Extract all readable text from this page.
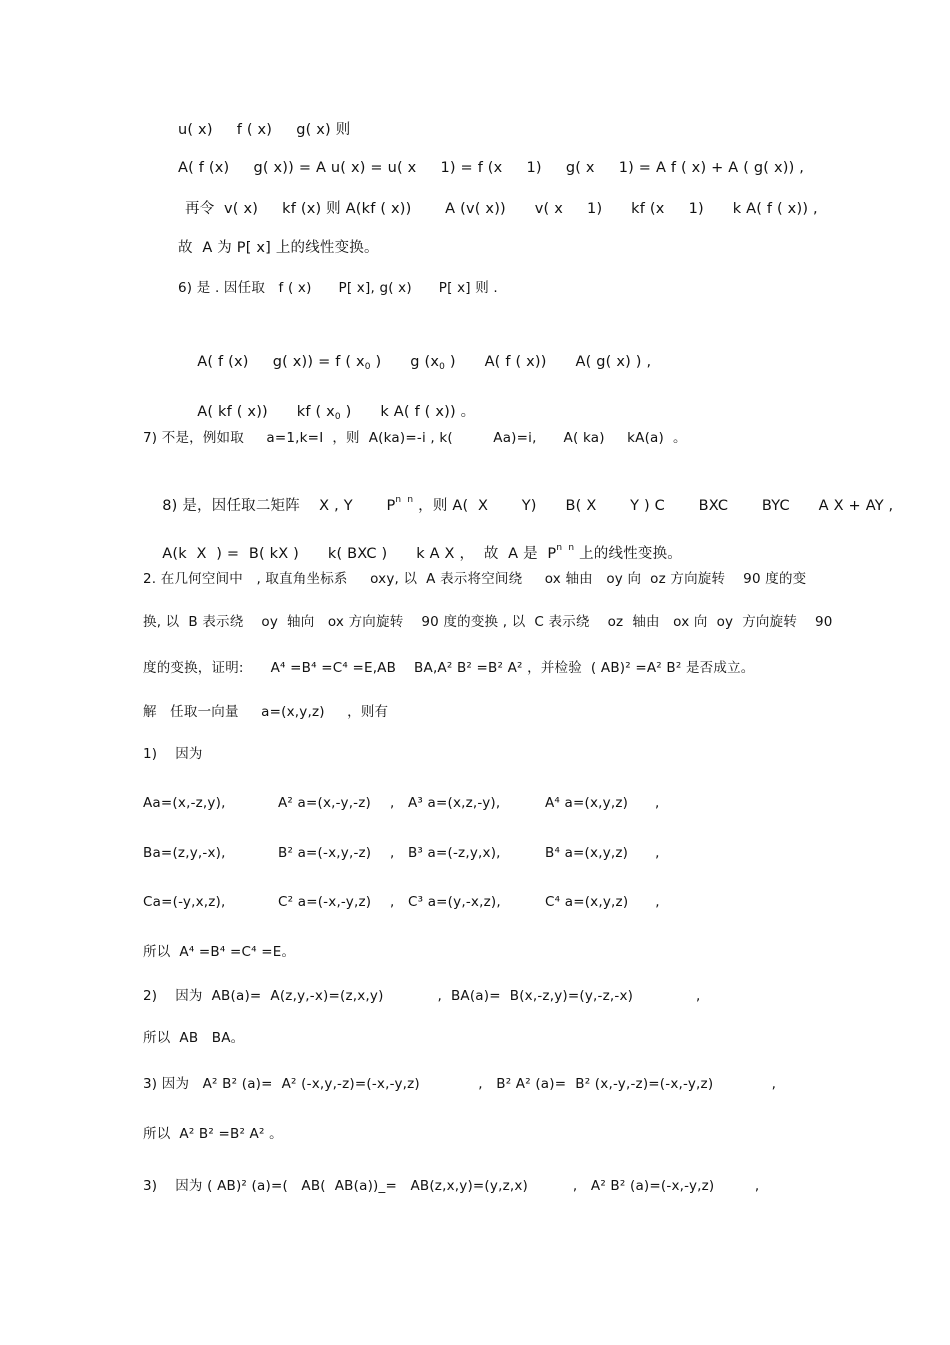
u( x)     f ( x)     g( x) 则
A( f (x)     g( x)) = A u( x) = u( x     1) = f (x     1)     g( x     1) = A f ( x) + A ( g( x)) ,
再令  v( x)     kf (x) 则 A(kf ( x))       A (v( x))      v( x     1)      kf (x     1)      k A( f ( x)) ,
故  A 为 P[ x] 上的线性变换。
6) 是 . 因任取   f ( x)      P[ x], g( x)      P[ x] 则 .

A( f (x)     g( x)) = f ( $x_0$ )      g ($x_0$ )      A( f ( x))      A( g( x) ) ,

A( kf ( x))      kf ( $x_0$ )      k A( f ( x)) 。

7) 不是，例如取     a=1,k=I  ，则  A(ka)=-i , k(         Aa)=i,      A( ka)     kA(a)  。

8) 是，因任取二矩阵    X , Y       $P^{n n}$ ，则 A(  X       Y)      B( X       Y ) C       BXC       BYC      A X + AY ,

A(k  X  ) =  B( kX )      k( BXC )      k A X ，  故  A 是  $P^{n n}$ 上的线性变换。

2. 在几何空间中   , 取直角坐标系     oxy, 以  A 表示将空间绕     ox 轴由   oy 向  oz 方向旋转    90 度的变
换, 以  B 表示绕    oy  轴向   ox 方向旋转    90 度的变换 , 以  C 表示绕    oz  轴由   ox 向  oy  方向旋转    90
度的变换，证明:      A⁴ =B⁴ =C⁴ =E,AB    BA,A² B² =B² A² ，并检验  ( AB)² =A² B² 是否成立。
解   任取一向量     a=(x,y,z)     ，则有
1)    因为
Aa=(x,-z,y),	A² a=(x,-y,-z) ,   A³ a=(x,z,-y),	A⁴ a=(x,y,z)      ,
Ba=(z,y,-x),	B² a=(-x,y,-z) ,   B³ a=(-z,y,x),	B⁴ a=(x,y,z)      ,
Ca=(-y,x,z),	C² a=(-x,-y,z) ,   C³ a=(y,-x,z),	C⁴ a=(x,y,z)      ,
所以  A⁴ =B⁴ =C⁴ =E。
2)    因为  AB(a)=  A(z,y,-x)=(z,x,y)            ,  BA(a)=  B(x,-z,y)=(y,-z,-x)              ,
所以  AB   BA。
3) 因为   A² B² (a)=  A² (-x,y,-z)=(-x,-y,z)             ,   B² A² (a)=  B² (x,-y,-z)=(-x,-y,z)             ,
所以  A² B² =B² A² 。
3)    因为 ( AB)² (a)=(   AB(  AB(a))_=   AB(z,x,y)=(y,z,x)          ,   A² B² (a)=(-x,-y,z)         ,
